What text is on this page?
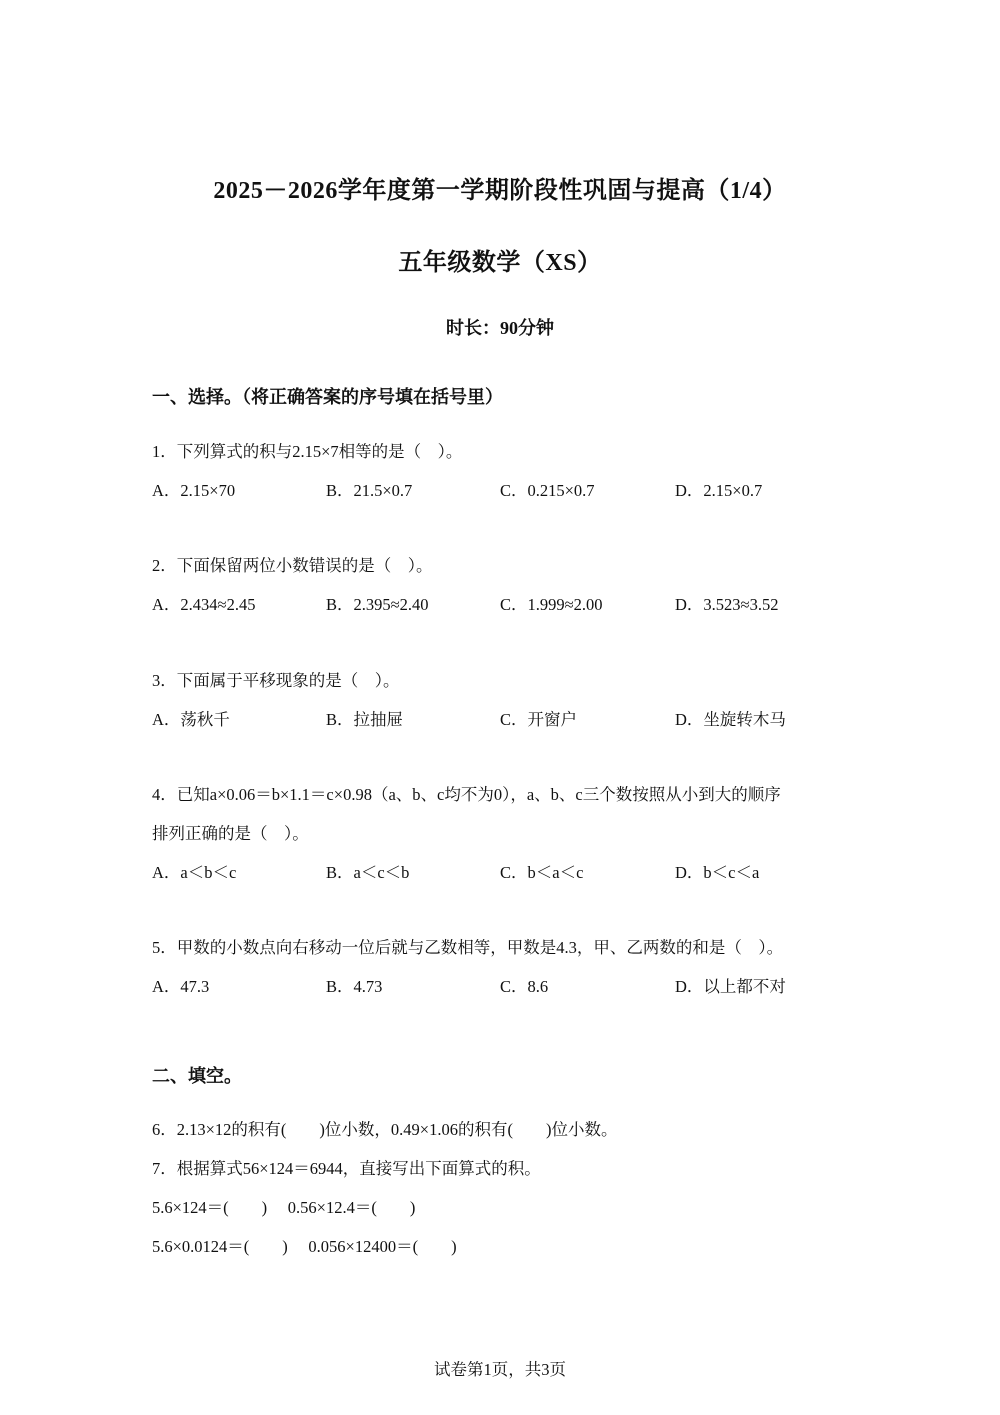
2025－2026学年度第一学期阶段性巩固与提高（1/4）
五年级数学（XS）
时长：90分钟
一、选择。（将正确答案的序号填在括号里）
1．下列算式的积与2.15×7相等的是（　）。
A．2.15×70	B．21.5×0.7	C．0.215×0.7	D．2.15×0.7
2．下面保留两位小数错误的是（　）。
A．2.434≈2.45	B．2.395≈2.40	C．1.999≈2.00	D．3.523≈3.52
3．下面属于平移现象的是（　）。
A．荡秋千	B．拉抽屉	C．开窗户	D．坐旋转木马
4．已知a×0.06＝b×1.1＝c×0.98（a、b、c均不为0），a、b、c三个数按照从小到大的顺序
排列正确的是（　）。
A．a＜b＜c	B．a＜c＜b	C．b＜a＜c	D．b＜c＜a
5．甲数的小数点向右移动一位后就与乙数相等，甲数是4.3，甲、乙两数的和是（　）。
A．47.3	B．4.73	C．8.6	D．以上都不对
二、填空。
6．2.13×12的积有(　　)位小数，0.49×1.06的积有(　　)位小数。
7．根据算式56×124＝6944，直接写出下面算式的积。
5.6×124＝(　　)　 0.56×12.4＝(　　)
5.6×0.0124＝(　　)　 0.056×12400＝(　　)
试卷第1页，共3页
